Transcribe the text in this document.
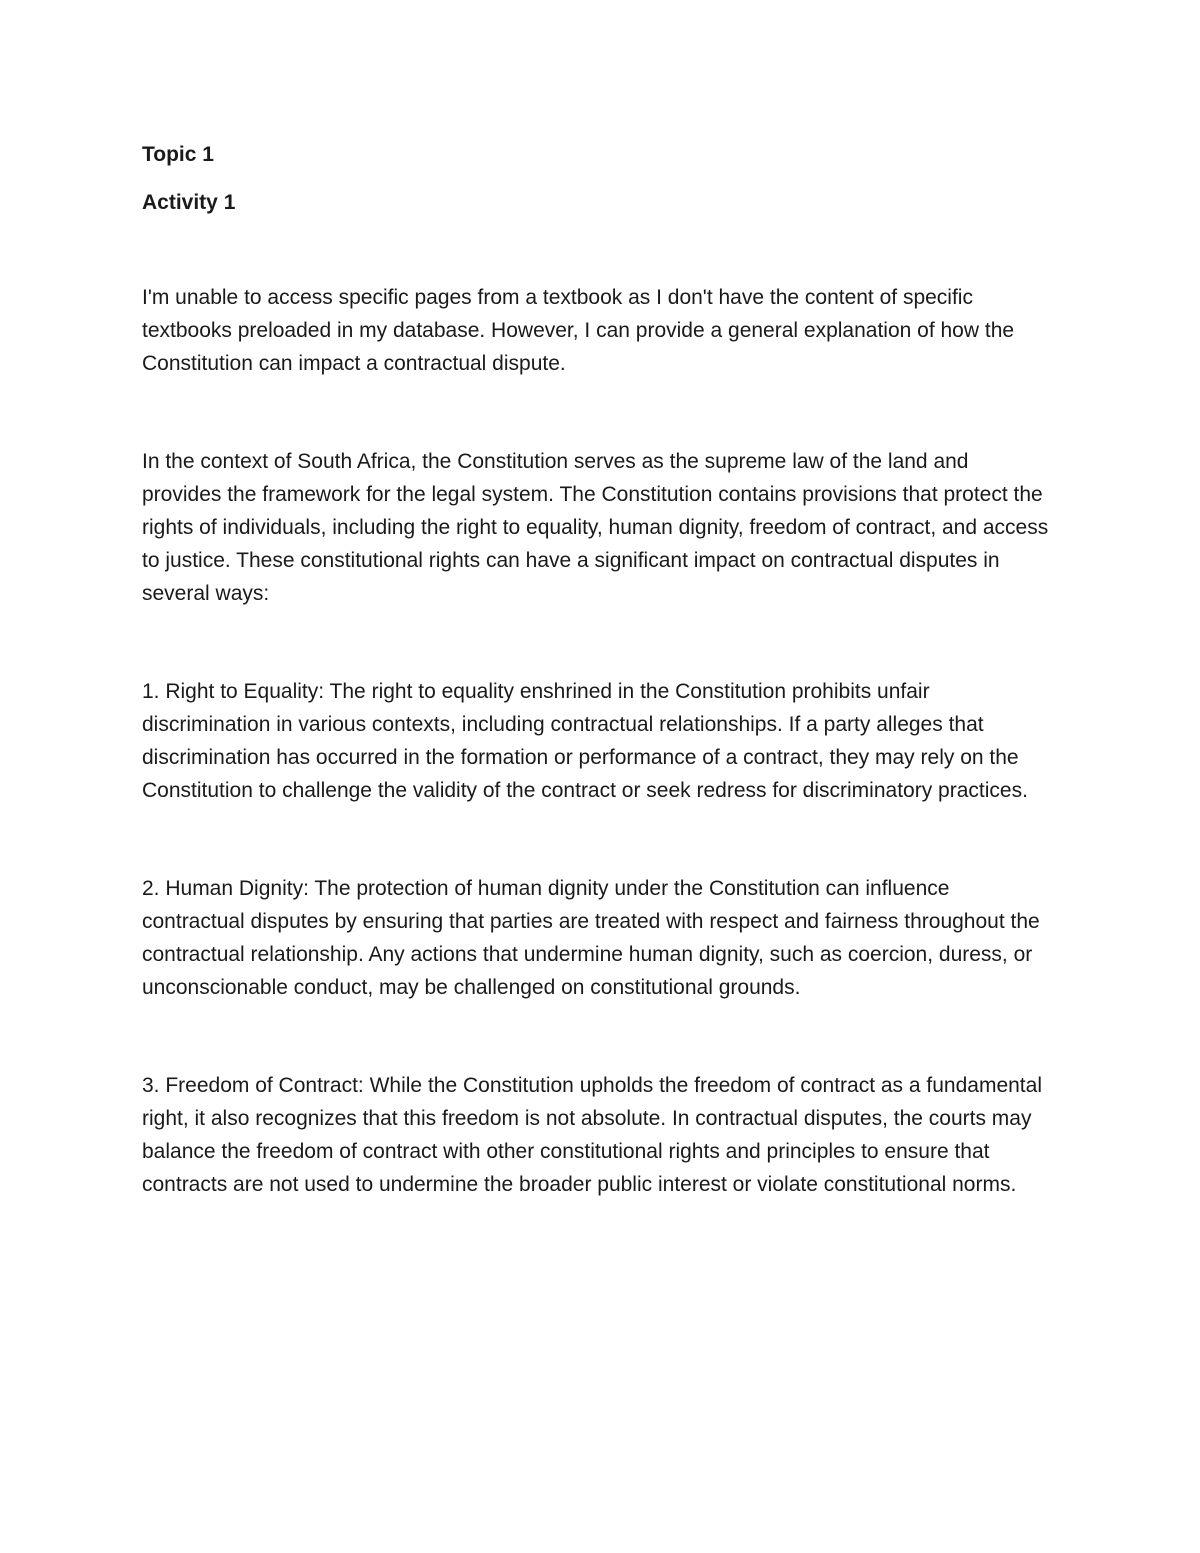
Topic 1

Activity 1

I'm unable to access specific pages from a textbook as I don't have the content of specific textbooks preloaded in my database. However, I can provide a general explanation of how the Constitution can impact a contractual dispute.

In the context of South Africa, the Constitution serves as the supreme law of the land and provides the framework for the legal system. The Constitution contains provisions that protect the rights of individuals, including the right to equality, human dignity, freedom of contract, and access to justice. These constitutional rights can have a significant impact on contractual disputes in several ways:

1. Right to Equality: The right to equality enshrined in the Constitution prohibits unfair discrimination in various contexts, including contractual relationships. If a party alleges that discrimination has occurred in the formation or performance of a contract, they may rely on the Constitution to challenge the validity of the contract or seek redress for discriminatory practices.

2. Human Dignity: The protection of human dignity under the Constitution can influence contractual disputes by ensuring that parties are treated with respect and fairness throughout the contractual relationship. Any actions that undermine human dignity, such as coercion, duress, or unconscionable conduct, may be challenged on constitutional grounds.

3. Freedom of Contract: While the Constitution upholds the freedom of contract as a fundamental right, it also recognizes that this freedom is not absolute. In contractual disputes, the courts may balance the freedom of contract with other constitutional rights and principles to ensure that contracts are not used to undermine the broader public interest or violate constitutional norms.
